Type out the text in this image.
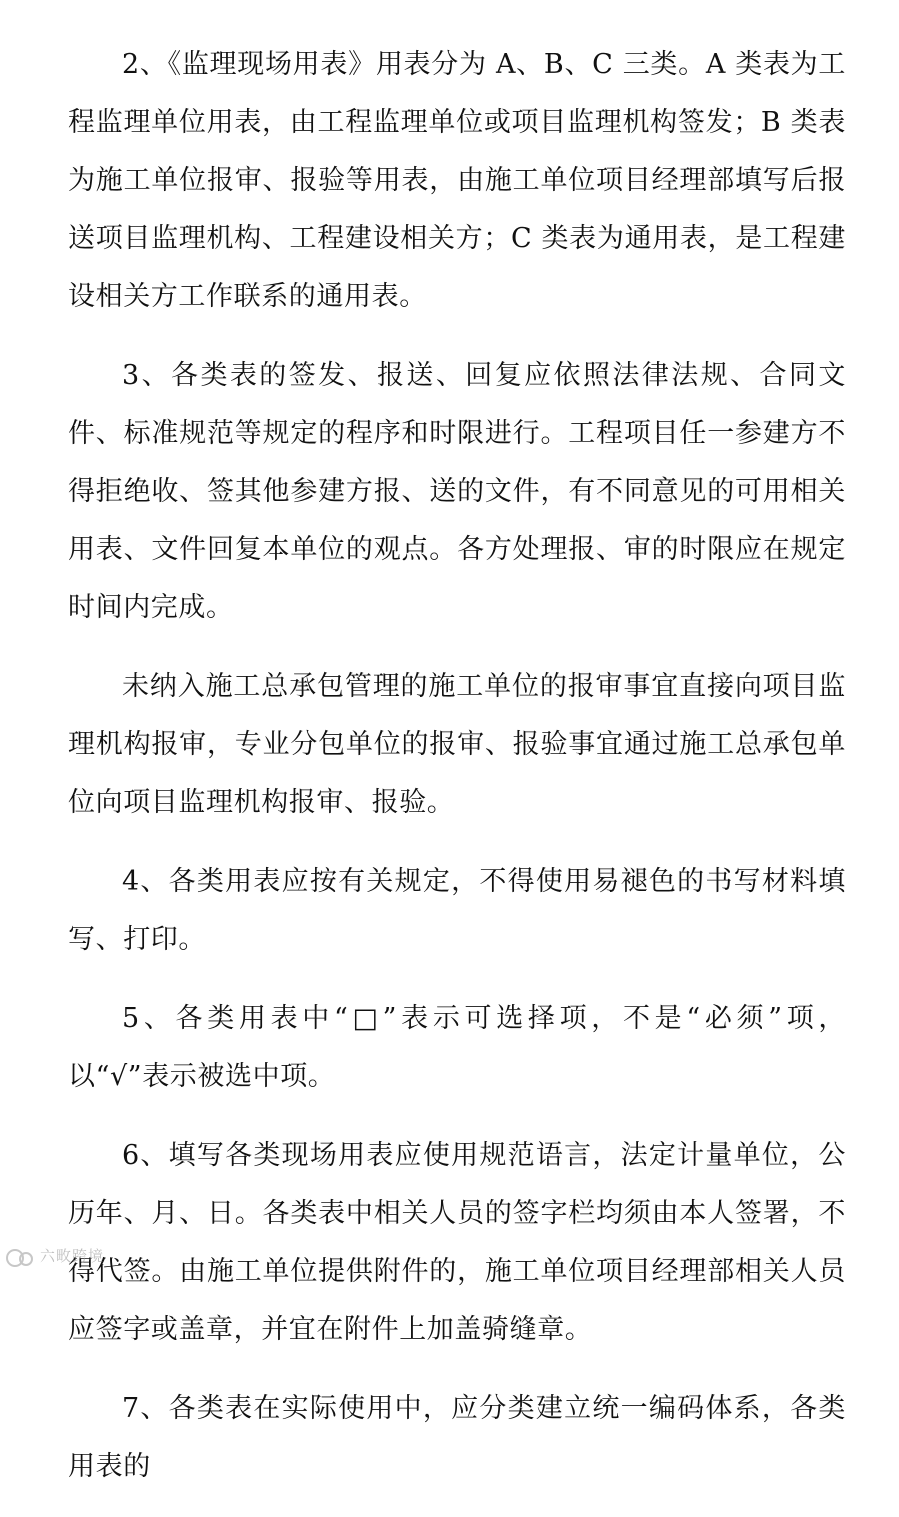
2、《监理现场用表》用表分为 A、B、C 三类。A 类表为工程监理单位用表，由工程监理单位或项目监理机构签发；B 类表为施工单位报审、报验等用表，由施工单位项目经理部填写后报送项目监理机构、工程建设相关方；C 类表为通用表，是工程建设相关方工作联系的通用表。

3、各类表的签发、报送、回复应依照法律法规、合同文件、标准规范等规定的程序和时限进行。工程项目任一参建方不得拒绝收、签其他参建方报、送的文件，有不同意见的可用相关用表、文件回复本单位的观点。各方处理报、审的时限应在规定时间内完成。

未纳入施工总承包管理的施工单位的报审事宜直接向项目监理机构报审，专业分包单位的报审、报验事宜通过施工总承包单位向项目监理机构报审、报验。

4、各类用表应按有关规定，不得使用易褪色的书写材料填写、打印。

5、各类用表中“□”表示可选择项，不是“必须”项，以“√”表示被选中项。

6、填写各类现场用表应使用规范语言，法定计量单位，公历年、月、日。各类表中相关人员的签字栏均须由本人签署，不得代签。由施工单位提供附件的，施工单位项目经理部相关人员应签字或盖章，并宜在附件上加盖骑缝章。

7、各类表在实际使用中，应分类建立统一编码体系，各类用表的

六畋跨境
